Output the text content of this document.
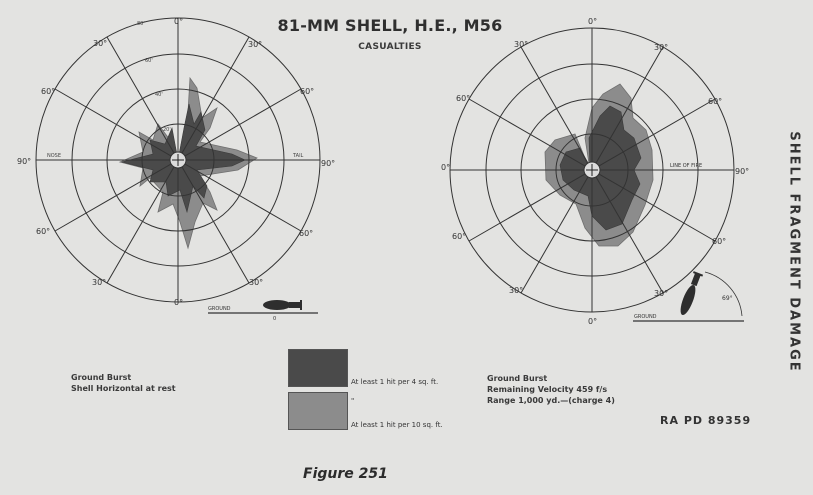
81-MM SHELL, H.E., M56
CASUALTIES
SHELL FRAGMENT DAMAGE
0°
0°
30°	30°
60°	60°
90°	90°
60°	60°
30°	30°
80'
60'
40'
20'
NOSE	TAIL
GROUND
0
0°
0°
30°	30°
60°	60°
0°	90°
60°
60°
30°	30°
LINE OF FIRE
GROUND
69°
Ground Burst
Shell Horizontal at rest
Ground Burst
Remaining Velocity 459 f/s
Range 1,000 yd.—(charge 4)
At least 1 hit per 4 sq. ft.
"
At least 1 hit per 10 sq. ft.	RA PD 89359
Figure 251
